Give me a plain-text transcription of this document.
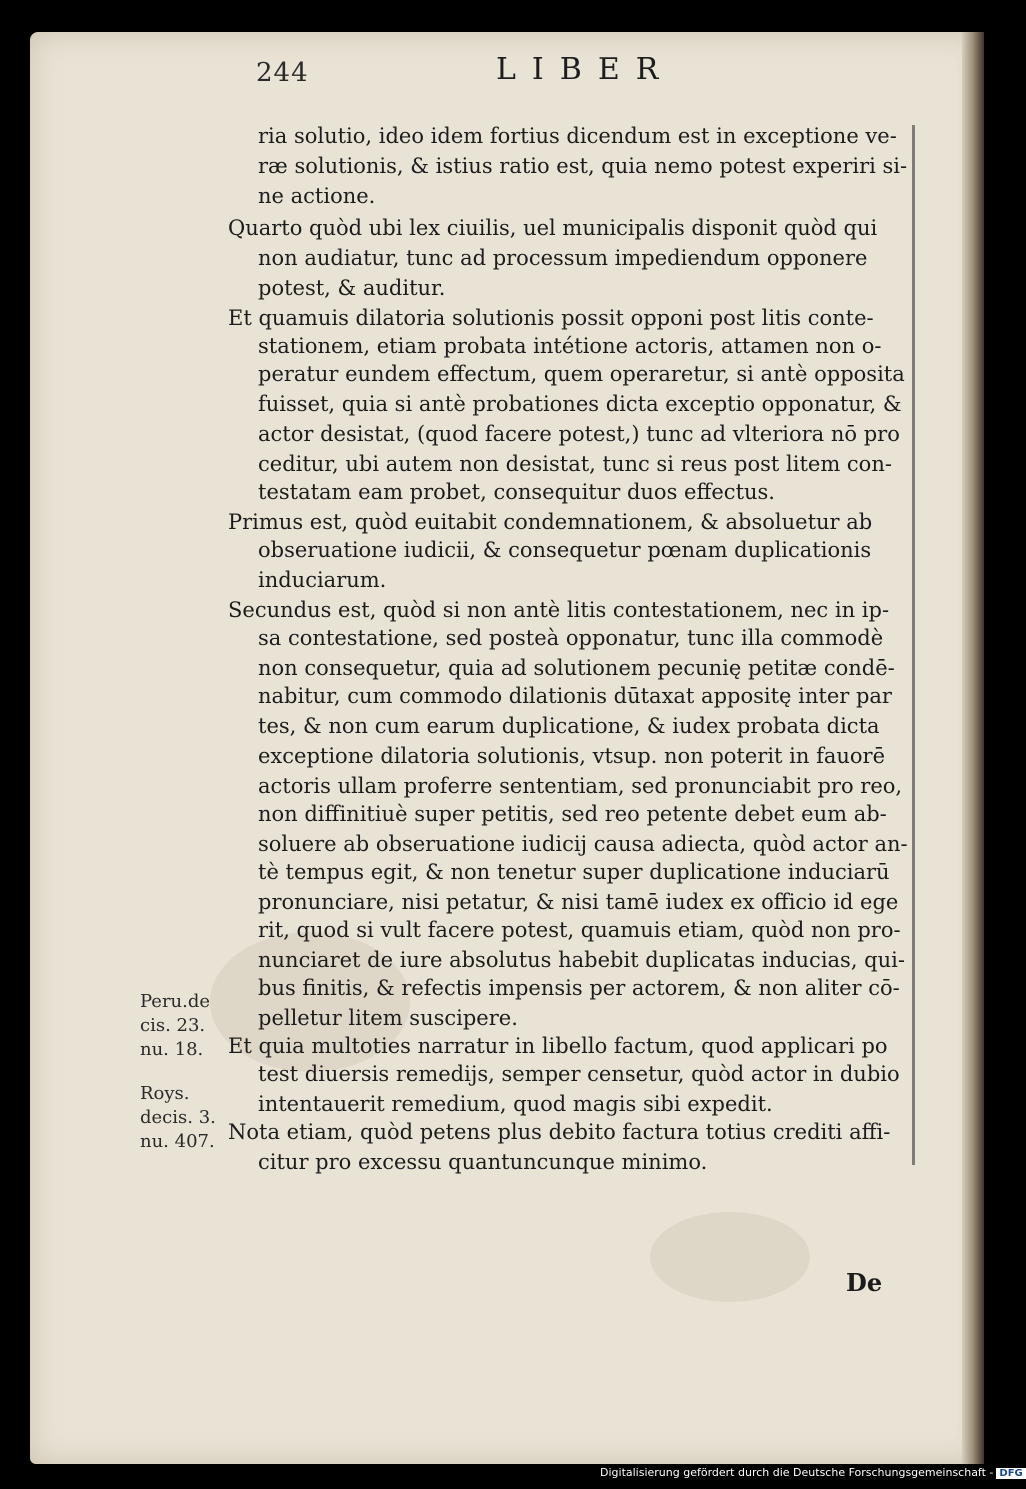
244	LIBER
ria solutio, ideo idem fortius dicendum est in exceptione ve-
ræ solutionis, & istius ratio est, quia nemo potest experiri si-
ne actione.
Quarto quòd ubi lex ciuilis, uel municipalis disponit quòd qui
non audiatur, tunc ad processum impediendum opponere
potest, & auditur.
Et quamuis dilatoria solutionis possit opponi post litis conte-
stationem, etiam probata intétione actoris, attamen non o-
peratur eundem effectum, quem operaretur, si antè opposita
fuisset, quia si antè probationes dicta exceptio opponatur, &
actor desistat, (quod facere potest,) tunc ad vlteriora nō pro
ceditur, ubi autem non desistat, tunc si reus post litem con-
testatam eam probet, consequitur duos effectus.
Primus est, quòd euitabit condemnationem, & absoluetur ab
obseruatione iudicii, & consequetur pœnam duplicationis
induciarum.
Secundus est, quòd si non antè litis contestationem, nec in ip-
sa contestatione, sed posteà opponatur, tunc illa commodè
non consequetur, quia ad solutionem pecunię petitæ condē-
nabitur, cum commodo dilationis dūtaxat appositę inter par
tes, & non cum earum duplicatione, & iudex probata dicta
exceptione dilatoria solutionis, vtsup. non poterit in fauorē
actoris ullam proferre sententiam, sed pronunciabit pro reo,
non diffinitiuè super petitis, sed reo petente debet eum ab-
soluere ab obseruatione iudicij causa adiecta, quòd actor an-
tè tempus egit, & non tenetur super duplicatione induciarū
pronunciare, nisi petatur, & nisi tamē iudex ex officio id ege
rit, quod si vult facere potest, quamuis etiam, quòd non pro-
nunciaret de iure absolutus habebit duplicatas inducias, qui-
bus finitis, & refectis impensis per actorem, & non aliter cō-
pelletur litem suscipere.
Et quia multoties narratur in libello factum, quod applicari po
test diuersis remedijs, semper censetur, quòd actor in dubio
intentauerit remedium, quod magis sibi expedit.
Nota etiam, quòd petens plus debito factura totius crediti affi-
citur pro excessu quantuncunque minimo.
Peru.de
cis. 23.
nu. 18.
Roys.
decis. 3.
nu. 407.
De
Digitalisierung gefördert durch die Deutsche Forschungsgemeinschaft - DFG
